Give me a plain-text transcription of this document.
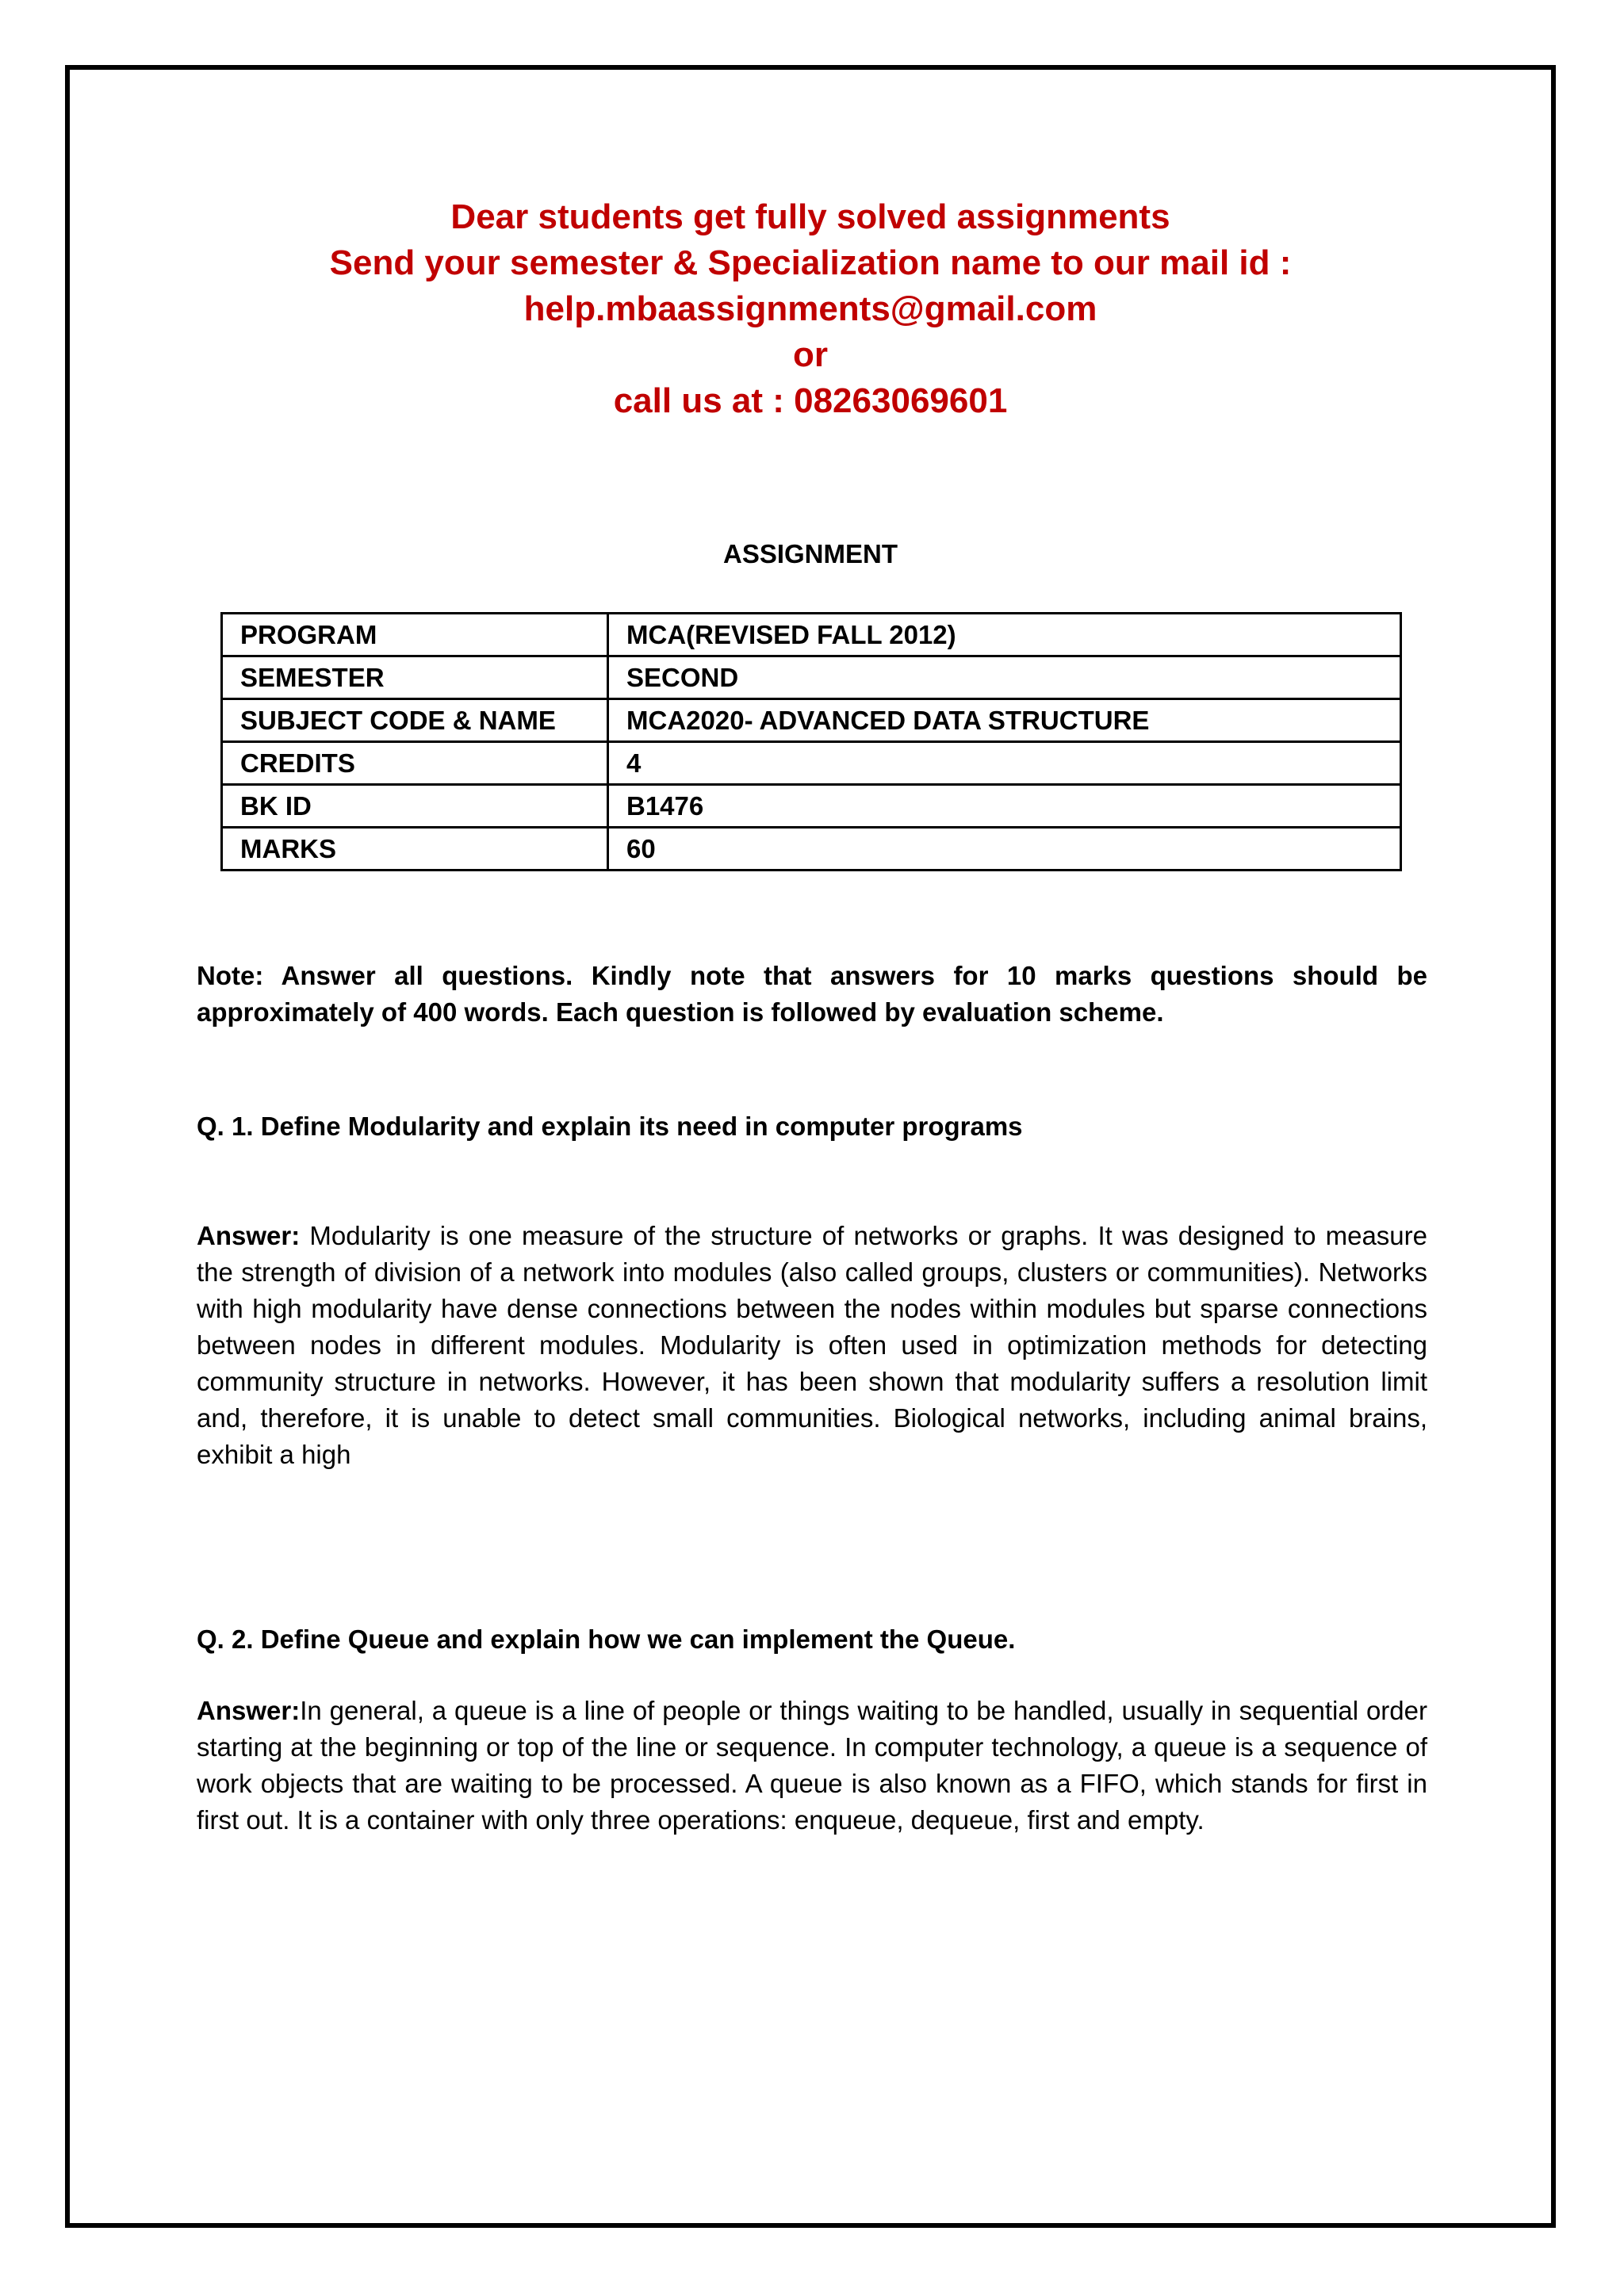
Dear students get fully solved assignments
Send your semester & Specialization name to our mail id :
help.mbaassignments@gmail.com
or
call us at : 08263069601
ASSIGNMENT
PROGRAM	MCA(REVISED FALL 2012)
SEMESTER	SECOND
SUBJECT CODE & NAME	MCA2020- ADVANCED DATA STRUCTURE
CREDITS	4
BK ID	B1476
MARKS	60
Note: Answer all questions. Kindly note that answers for 10 marks questions should be approximately of 400 words. Each question is followed by evaluation scheme.
Q. 1. Define Modularity and explain its need in computer programs
Answer: Modularity is one measure of the structure of networks or graphs. It was designed to measure the strength of division of a network into modules (also called groups, clusters or communities). Networks with high modularity have dense connections between the nodes within modules but sparse connections between nodes in different modules. Modularity is often used in optimization methods for detecting community structure in networks. However, it has been shown that modularity suffers a resolution limit and, therefore, it is unable to detect small communities. Biological networks, including animal brains, exhibit a high
Q. 2. Define Queue and explain how we can implement the Queue.
Answer:In general, a queue is a line of people or things waiting to be handled, usually in sequential order starting at the beginning or top of the line or sequence. In computer technology, a queue is a sequence of work objects that are waiting to be processed. A queue is also known as a FIFO, which stands for first in first out. It is a container with only three operations: enqueue, dequeue, first and empty.
